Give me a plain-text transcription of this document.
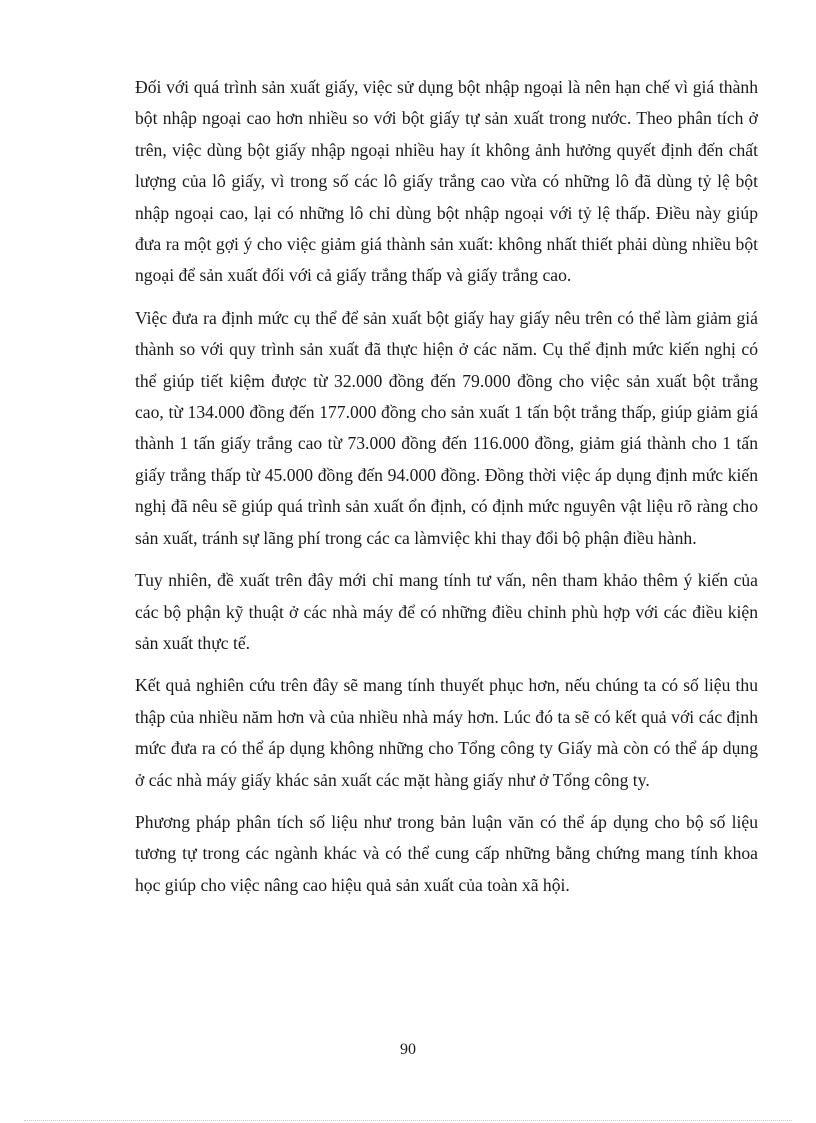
Đối với quá trình sản xuất giấy, việc sử dụng bột nhập ngoại là nên hạn chế vì giá thành bột nhập ngoại cao hơn nhiều so với bột giấy tự sản xuất trong nước. Theo phân tích ở trên, việc dùng bột giấy nhập ngoại nhiều hay ít không ảnh hưởng quyết định đến chất lượng của lô giấy, vì trong số các lô giấy trắng cao vừa có những lô đã dùng tỷ lệ bột nhập ngoại cao, lại có những lô chỉ dùng bột nhập ngoại với tỷ lệ thấp. Điều này giúp đưa ra một gợi ý cho việc giảm giá thành sản xuất: không nhất thiết phải dùng nhiều bột ngoại để sản xuất đối với cả giấy trắng thấp và giấy trắng cao.

Việc đưa ra định mức cụ thể để sản xuất bột giấy hay giấy nêu trên có thể làm giảm giá thành so với quy trình sản xuất đã thực hiện ở các năm. Cụ thể định mức kiến nghị có thể giúp tiết kiệm được từ 32.000 đồng đến 79.000 đồng cho việc sản xuất bột trắng cao, từ 134.000 đồng đến 177.000 đồng cho sản xuất 1 tấn bột trắng thấp, giúp giảm giá thành 1 tấn giấy trắng cao từ 73.000 đồng đến 116.000 đồng, giảm giá thành cho 1 tấn giấy trắng thấp từ 45.000 đồng đến 94.000 đồng. Đồng thời việc áp dụng định mức kiến nghị đã nêu sẽ giúp quá trình sản xuất ổn định, có định mức nguyên vật liệu rõ ràng cho sản xuất, tránh sự lãng phí trong các ca làmviệc khi thay đổi bộ phận điều hành.

Tuy nhiên, đề xuất trên đây mới chỉ mang tính tư vấn, nên tham khảo thêm ý kiến của các bộ phận kỹ thuật ở các nhà máy để có những điều chỉnh phù hợp với các điều kiện sản xuất thực tế.

Kết quả nghiên cứu trên đây sẽ mang tính thuyết phục hơn, nếu chúng ta có số liệu thu thập của nhiều năm hơn và của nhiều nhà máy hơn. Lúc đó ta sẽ có kết quả với các định mức đưa ra có thể áp dụng không những cho Tổng công ty Giấy mà còn có thể áp dụng ở các nhà máy giấy khác sản xuất các mặt hàng giấy như ở Tổng công ty.

Phương pháp phân tích số liệu như trong bản luận văn có thể áp dụng cho bộ số liệu tương tự trong các ngành khác và có thể cung cấp những bằng chứng mang tính khoa học giúp cho việc nâng cao hiệu quả sản xuất của toàn xã hội.

90
